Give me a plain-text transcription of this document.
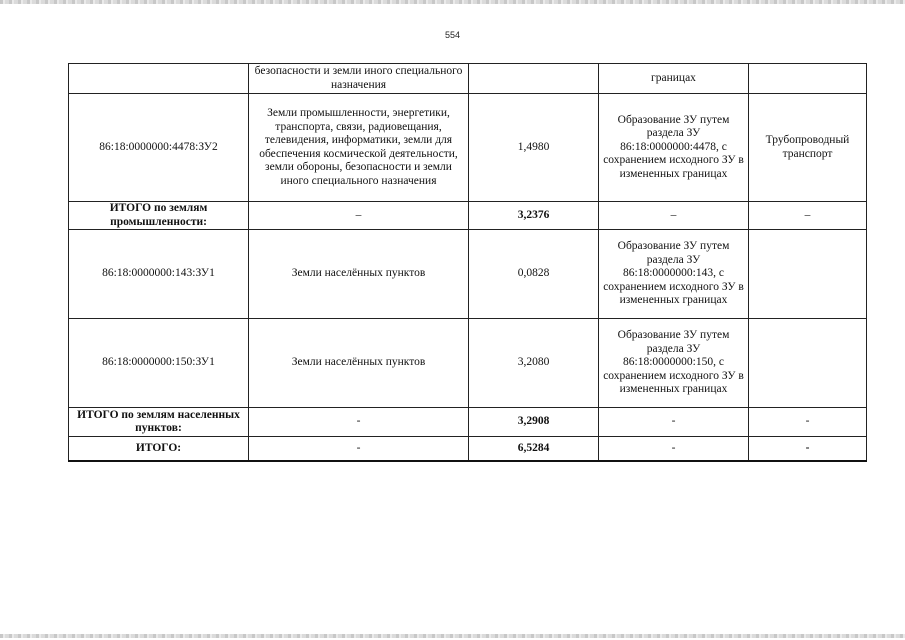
554
	безопасности и земли иного специального назначения		границах	
86:18:0000000:4478:ЗУ2	Земли промышленности, энергетики, транспорта, связи, радиовещания, телевидения, информатики, земли для обеспечения космической деятельности, земли обороны, безопасности и земли иного специального назначения	1,4980	Образование ЗУ путем раздела ЗУ 86:18:0000000:4478, с сохранением исходного ЗУ в измененных границах	Трубопроводный транспорт
ИТОГО по землям промышленности:	–	3,2376	–	–
86:18:0000000:143:ЗУ1	Земли населённых пунктов	0,0828	Образование ЗУ путем раздела ЗУ 86:18:0000000:143, с сохранением исходного ЗУ в измененных границах	
86:18:0000000:150:ЗУ1	Земли населённых пунктов	3,2080	Образование ЗУ путем раздела ЗУ 86:18:0000000:150, с сохранением исходного ЗУ в измененных границах	
ИТОГО по землям населенных пунктов:	-	3,2908	-	-
ИТОГО:	-	6,5284	-	-
